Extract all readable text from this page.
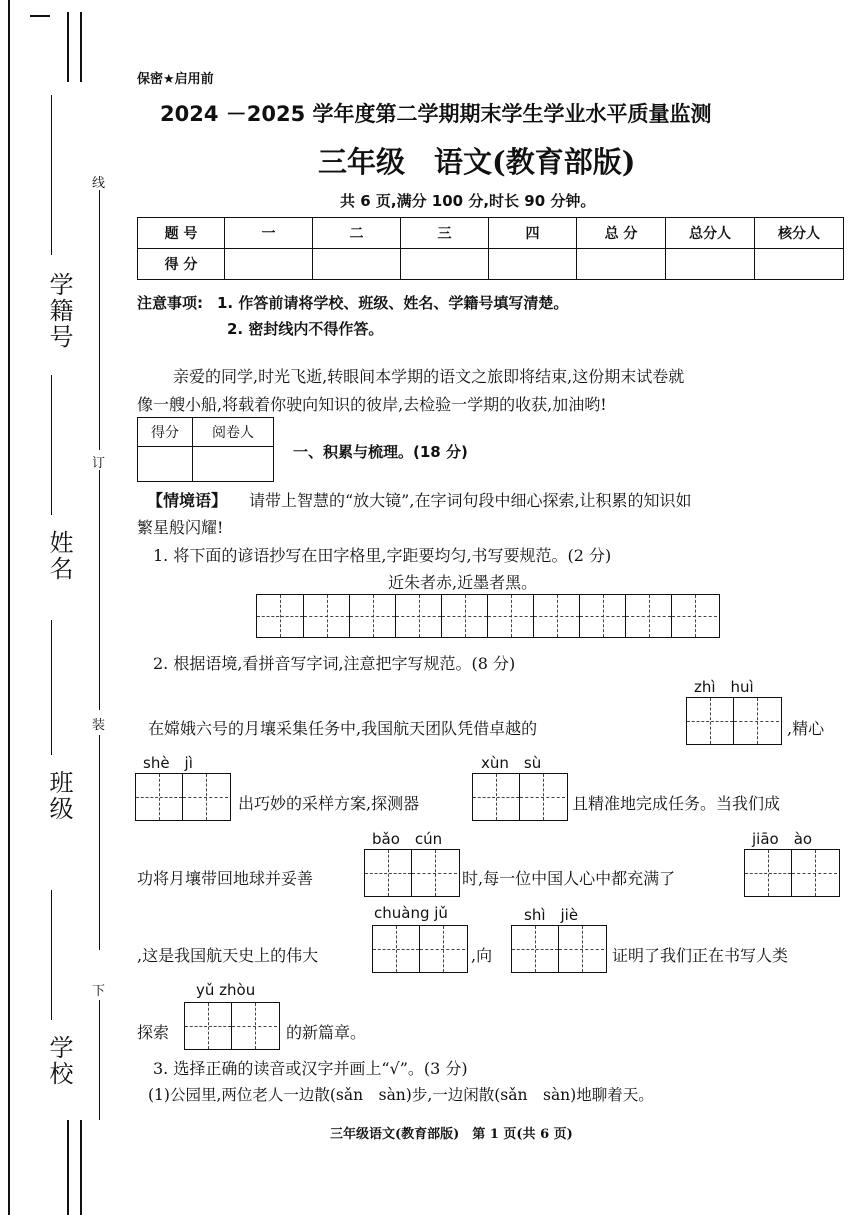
学籍号
姓名
班级
学校
线
订
装
下
保密★启用前
2024 －2025 学年度第二学期期末学生学业水平质量监测
三年级　语文(教育部版)
共 6 页,满分 100 分,时长 90 分钟。
题 号	一	二	三	四	总 分	总分人	核分人
得 分							
注意事项: 1. 作答前请将学校、班级、姓名、学籍号填写清楚。
2. 密封线内不得作答。
亲爱的同学,时光飞逝,转眼间本学期的语文之旅即将结束,这份期末试卷就
像一艘小船,将载着你驶向知识的彼岸,去检验一学期的收获,加油哟!
得分	阅卷人

一、积累与梳理。(18 分)
【情境语】 请带上智慧的“放大镜”,在字词句段中细心探索,让积累的知识如
繁星般闪耀!
1. 将下面的谚语抄写在田字格里,字距要均匀,书写要规范。(2 分)
近朱者赤,近墨者黑。
2. 根据语境,看拼音写字词,注意把字写规范。(8 分)
zhì　huì
在嫦娥六号的月壤采集任务中,我国航天团队凭借卓越的	,精心
shè　jì
出巧妙的采样方案,探测器
xùn　sù
且精准地完成任务。当我们成
bǎo　cún
功将月壤带回地球并妥善	时,每一位中国人心中都充满了
jiāo　ào
chuàng jǔ
,这是我国航天史上的伟大	,向
shì　jiè
证明了我们正在书写人类
yǔ zhòu
探索	的新篇章。
3. 选择正确的读音或汉字并画上“√”。(3 分)
(1)公园里,两位老人一边散(sǎn　sàn)步,一边闲散(sǎn　sàn)地聊着天。
三年级语文(教育部版)　第 1 页(共 6 页)
